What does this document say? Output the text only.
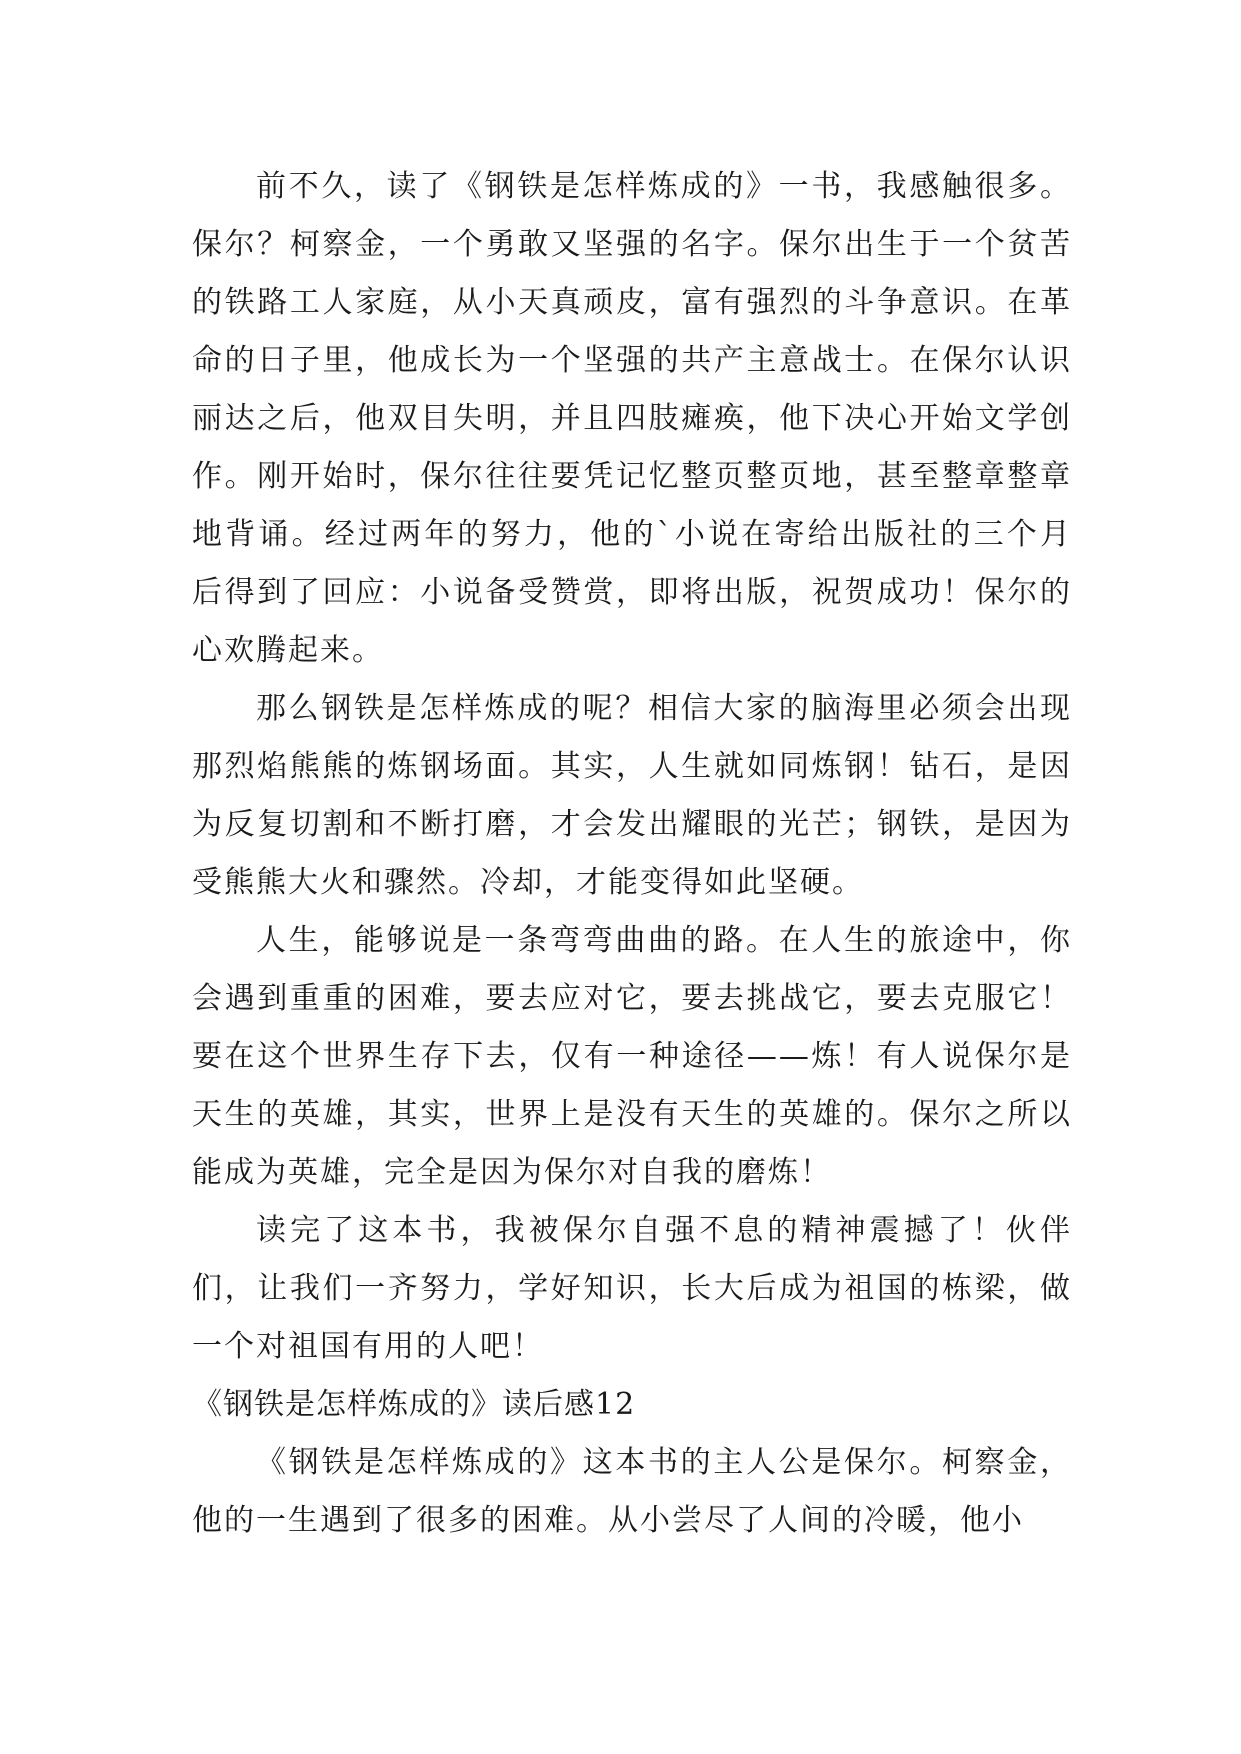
前不久，读了《钢铁是怎样炼成的》一书，我感触很多。保尔？柯察金，一个勇敢又坚强的名字。保尔出生于一个贫苦的铁路工人家庭，从小天真顽皮，富有强烈的斗争意识。在革命的日子里，他成长为一个坚强的共产主意战士。在保尔认识丽达之后，他双目失明，并且四肢瘫痪，他下决心开始文学创作。刚开始时，保尔往往要凭记忆整页整页地，甚至整章整章地背诵。经过两年的努力，他的`小说在寄给出版社的三个月后得到了回应：小说备受赞赏，即将出版，祝贺成功！保尔的心欢腾起来。

那么钢铁是怎样炼成的呢？相信大家的脑海里必须会出现那烈焰熊熊的炼钢场面。其实，人生就如同炼钢！钻石，是因为反复切割和不断打磨，才会发出耀眼的光芒；钢铁，是因为受熊熊大火和骤然。冷却，才能变得如此坚硬。

人生，能够说是一条弯弯曲曲的路。在人生的旅途中，你会遇到重重的困难，要去应对它，要去挑战它，要去克服它！要在这个世界生存下去，仅有一种途径——炼！有人说保尔是天生的英雄，其实，世界上是没有天生的英雄的。保尔之所以能成为英雄，完全是因为保尔对自我的磨炼！

读完了这本书，我被保尔自强不息的精神震撼了！伙伴们，让我们一齐努力，学好知识，长大后成为祖国的栋梁，做一个对祖国有用的人吧！

《钢铁是怎样炼成的》读后感12

《钢铁是怎样炼成的》这本书的主人公是保尔。柯察金，他的一生遇到了很多的困难。从小尝尽了人间的冷暖，他小
